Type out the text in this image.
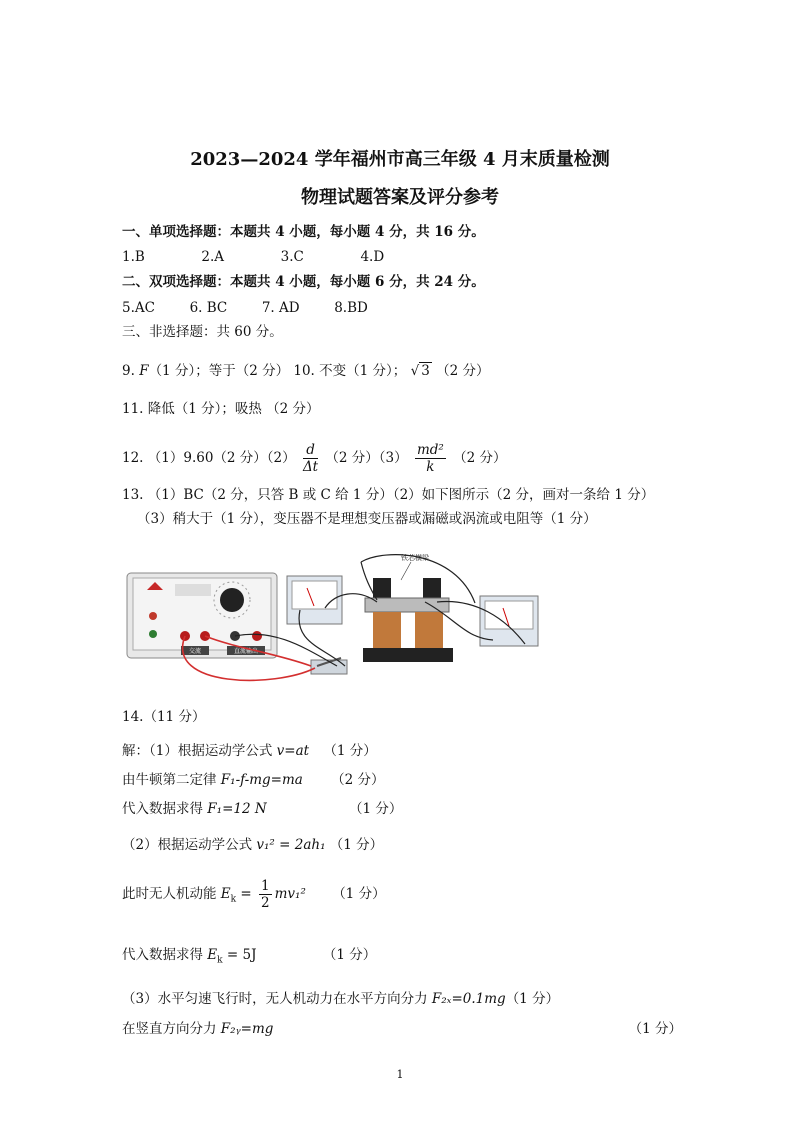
2023—2024 学年福州市高三年级 4 月末质量检测
物理试题答案及评分参考
一、单项选择题：本题共 4 小题，每小题 4 分，共 16 分。
1.B	2.A	3.C	4.D
二、双项选择题：本题共 4 小题，每小题 6 分，共 24 分。
5.AC	6. BC	7. AD	8.BD
三、非选择题：共 60 分。
9. F（1 分）；等于（2 分） 10. 不变（1 分）； √ 3 （2 分）
11. 降低（1 分）；吸热 （2 分）
12. （1）9.60（2 分）$(2) \frac{d}{\Delta t} (2$ 分）$(3) \frac{\text{md²}}{k} (2$ 分）
13. （1）BC（2 分，只答 B 或 C 给 1 分）（2）如下图所示（2 分，画对一条给 1 分）
（3）稍大于（1 分），变压器不是理想变压器或漏磁或涡流或电阻等（1 分）
交流	直流输出
铁芯横梁
14.（11 分）
解：（1）根据运动学公式 v=at （1 分）
由牛顿第二定律 F₁-f-mg=ma （2 分）
代入数据求得 F₁=12 N	（1 分）
（2）根据运动学公式 v₁² = 2ah₁ （1 分）
此时无人机动能 $E_k = \frac{1}{2} mv_1^2$ （1 分）
代入数据求得 $E_k = 5J$	（1 分）
（3）水平匀速飞行时，无人机动力在水平方向分力 F₂ₓ=0.1mg（1 分）
在竖直方向分力 F₂ᵧ=mg	（1 分）
1
